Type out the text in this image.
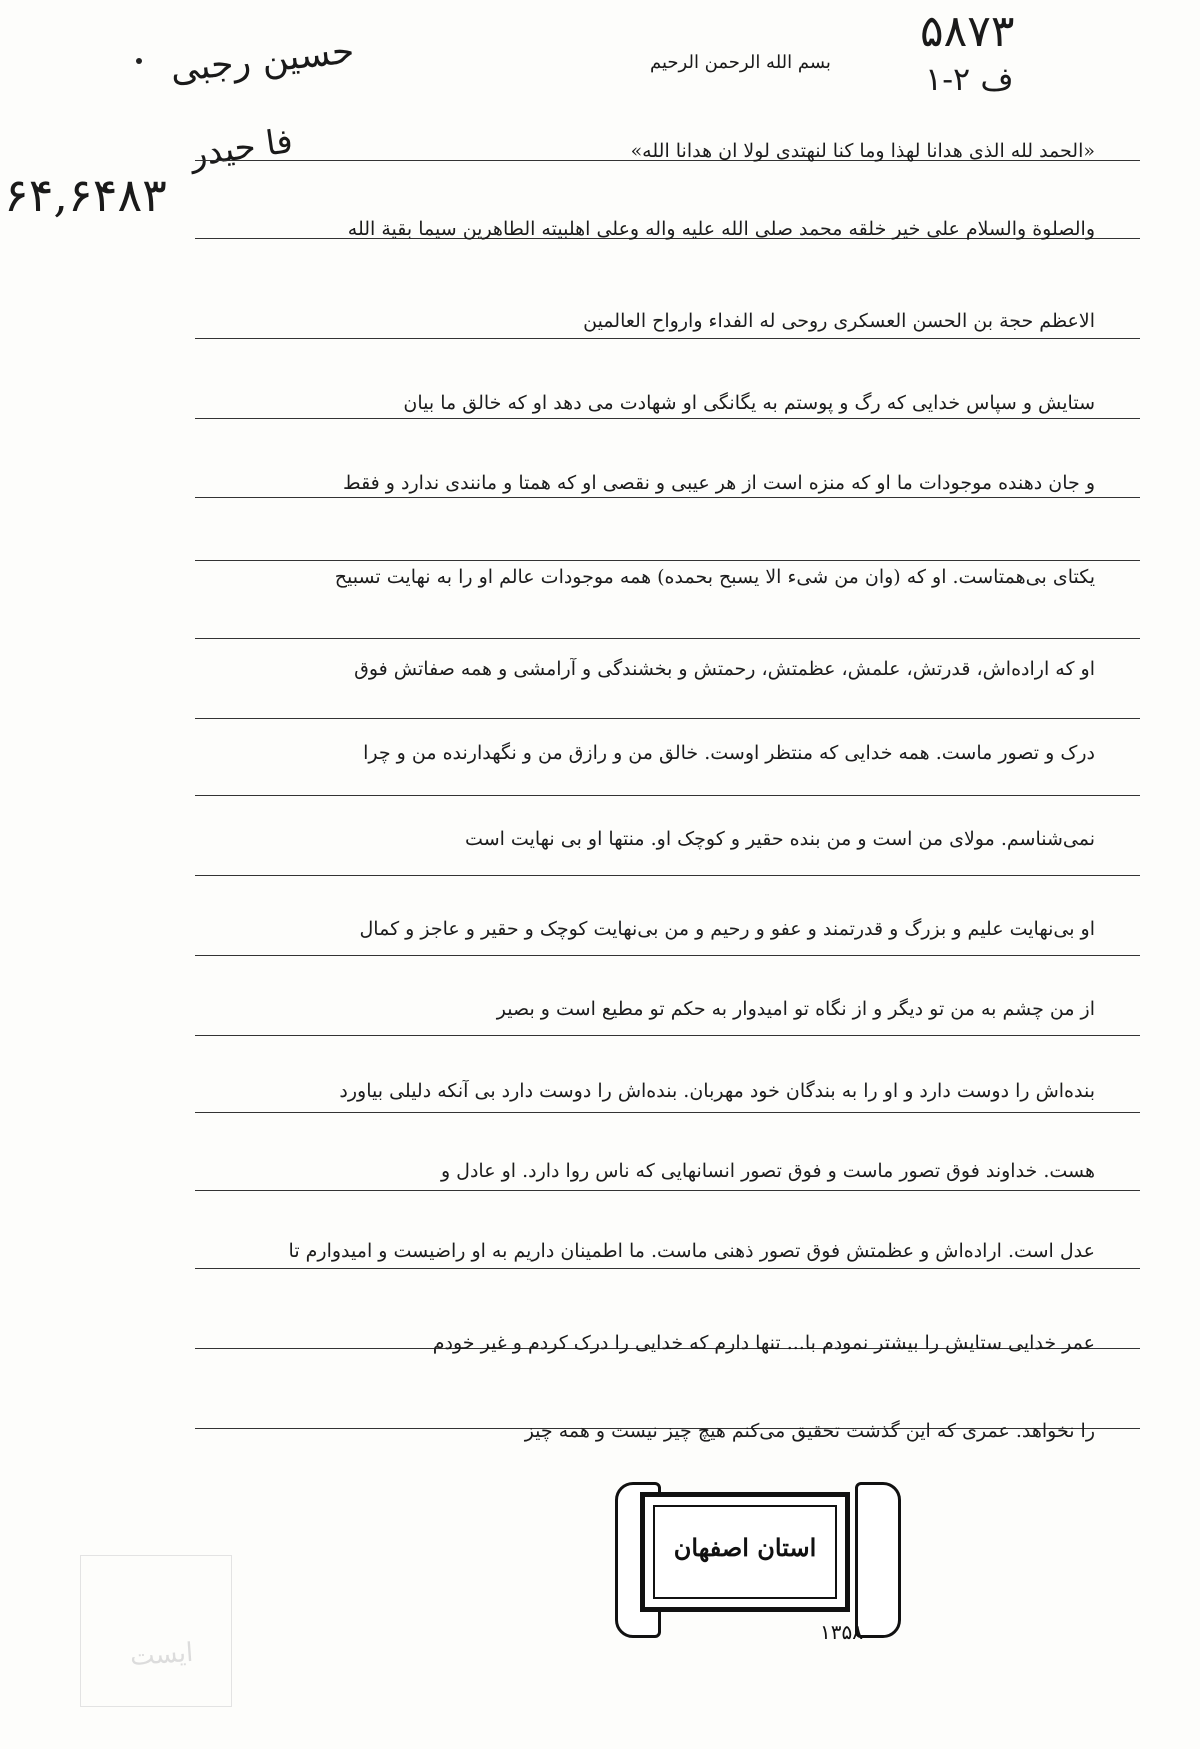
حسین رجبی
فا حیدر
۶۴,۶۴۸۳
۵۸۷۳
ف ۲-۱
بسم الله الرحمن الرحیم
«الحمد لله الذی هدانا لهذا وما کنا لنهتدی لولا ان هدانا الله»
والصلوة والسلام علی خیر خلقه محمد صلی الله علیه واله وعلی اهلبیته الطاهرین سیما بقیة الله
الاعظم حجة بن الحسن العسکری روحی له الفداء وارواح العالمین
ستایش و سپاس خدایی که رگ و پوستم به یگانگی او شهادت می دهد او که خالق ما بیان
و جان دهنده موجودات ما او که منزه است از هر عیبی و نقصی او که همتا و مانندی ندارد و فقط
یکتای بی‌همتاست. او که (وان من شیء الا یسبح بحمده) همه موجودات عالم او را به نهایت تسبیح
او که اراده‌اش، قدرتش، علمش، عظمتش، رحمتش و بخشندگی و آرامشی و همه صفاتش فوق
درک و تصور ماست. همه خدایی که منتظر اوست. خالق من و رازق من و نگهدارنده من و چرا
نمی‌شناسم. مولای من است و من بنده حقیر و کوچک او. منتها او بی نهایت است
او بی‌نهایت علیم و بزرگ و قدرتمند و عفو و رحیم و من بی‌نهایت کوچک و حقیر و عاجز و کمال
از من چشم به من تو دیگر و از نگاه تو امیدوار به حکم تو مطیع است و بصیر
بنده‌اش را دوست دارد و او را به بندگان خود مهربان. بنده‌اش را دوست دارد بی آنکه دلیلی بیاورد
هست. خداوند فوق تصور ماست و فوق تصور انسانهایی که ناس روا دارد. او عادل و
عدل است. اراده‌اش و عظمتش فوق تصور ذهنی ماست. ما اطمینان داریم به او راضیست و امیدوارم تا
عمر خدایی ستایش را بیشتر نمودم با... تنها دارم که خدایی را درک کردم و غیر خودم
را نخواهد. عمری که این گذشت تحقیق می‌کنم هیچ چیز نیست و همه چیز
ایست
استان اصفهان
۱۳۵۸
